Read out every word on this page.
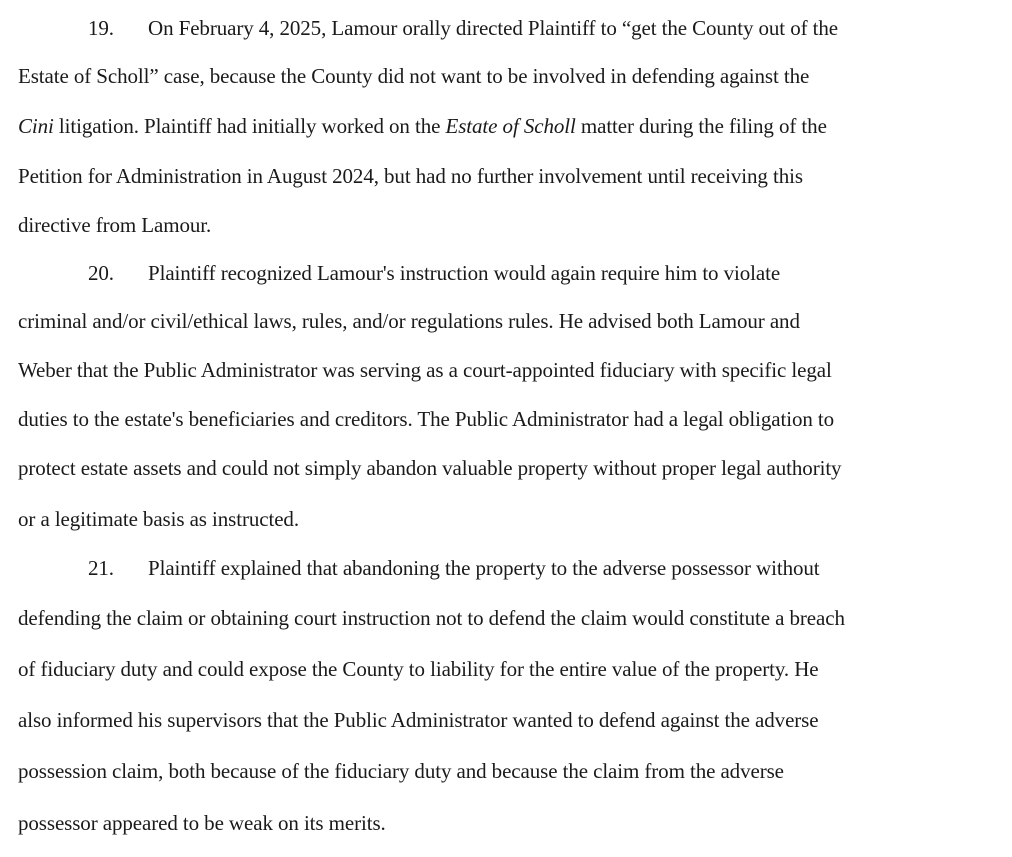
19. On February 4, 2025, Lamour orally directed Plaintiff to “get the County out of the
Estate of Scholl” case, because the County did not want to be involved in defending against the
Cini litigation. Plaintiff had initially worked on the Estate of Scholl matter during the filing of the
Petition for Administration in August 2024, but had no further involvement until receiving this
directive from Lamour.
20. Plaintiff recognized Lamour's instruction would again require him to violate
criminal and/or civil/ethical laws, rules, and/or regulations rules. He advised both Lamour and
Weber that the Public Administrator was serving as a court-appointed fiduciary with specific legal
duties to the estate's beneficiaries and creditors. The Public Administrator had a legal obligation to
protect estate assets and could not simply abandon valuable property without proper legal authority
or a legitimate basis as instructed.
21. Plaintiff explained that abandoning the property to the adverse possessor without
defending the claim or obtaining court instruction not to defend the claim would constitute a breach
of fiduciary duty and could expose the County to liability for the entire value of the property. He
also informed his supervisors that the Public Administrator wanted to defend against the adverse
possession claim, both because of the fiduciary duty and because the claim from the adverse
possessor appeared to be weak on its merits.
